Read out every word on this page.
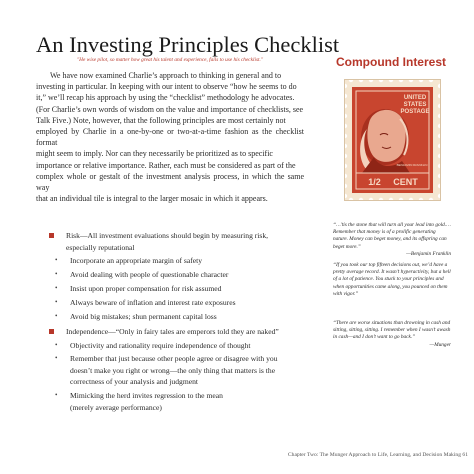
An Investing Principles Checklist
"He wise pilot, so matter how great his talent and experience, fails to use his checklist."

We have now examined Charlie’s approach to thinking in general and to

investing in particular. In keeping with our intent to observe “how he seems to do

it,” we’ll recap his approach by using the “checklist” methodology he advocates.

(For Charlie’s own words of wisdom on the value and importance of checklists, see

Talk Five.) Note, however, that the following principles are most certainly not

employed by Charlie in a one-by-one or two-at-a-time fashion as the checklist format

might seem to imply. Nor can they necessarily be prioritized as to specific

importance or relative importance. Rather, each must be considered as part of the

complex whole or gestalt of the investment analysis process, in which the same way

that an individual tile is integral to the larger mosaic in which it appears.

Risk—All investment evaluations should begin by measuring risk,
especially reputational
• Incorporate an appropriate margin of safety
• Avoid dealing with people of questionable character
• Insist upon proper compensation for risk assumed
• Always beware of inflation and interest rate exposures
• Avoid big mistakes; shun permanent capital loss
Independence—“Only in fairy tales are emperors told they are naked”
• Objectivity and rationality require independence of thought
• Remember that just because other people agree or disagree with you
doesn’t make you right or wrong—the only thing that matters is the correctness of your analysis and judgment
• Mimicking the herd invites regression to the mean
(merely average performance)
Compound Interest
UNITED STATES POSTAGE
BENJAMIN FRANKLIN
1/2 CENT
“…’tis the stone that will turn all your lead into gold.… Remember that money is of a prolific generating nature. Money can beget money, and its offspring can beget more.”
—Benjamin Franklin
“If you took our top fifteen decisions out, we’d have a pretty average record. It wasn’t hyperactivity, but a hell of a lot of patience. You stuck to your principles and when opportunities came along, you pounced on them with vigor.”
“There are worse situations than drowning in cash and sitting, sitting, sitting. I remember when I wasn’t awash in cash—and I don’t want to go back.”
—Munger
Chapter Two: The Munger Approach to Life, Learning, and Decision Making 61
